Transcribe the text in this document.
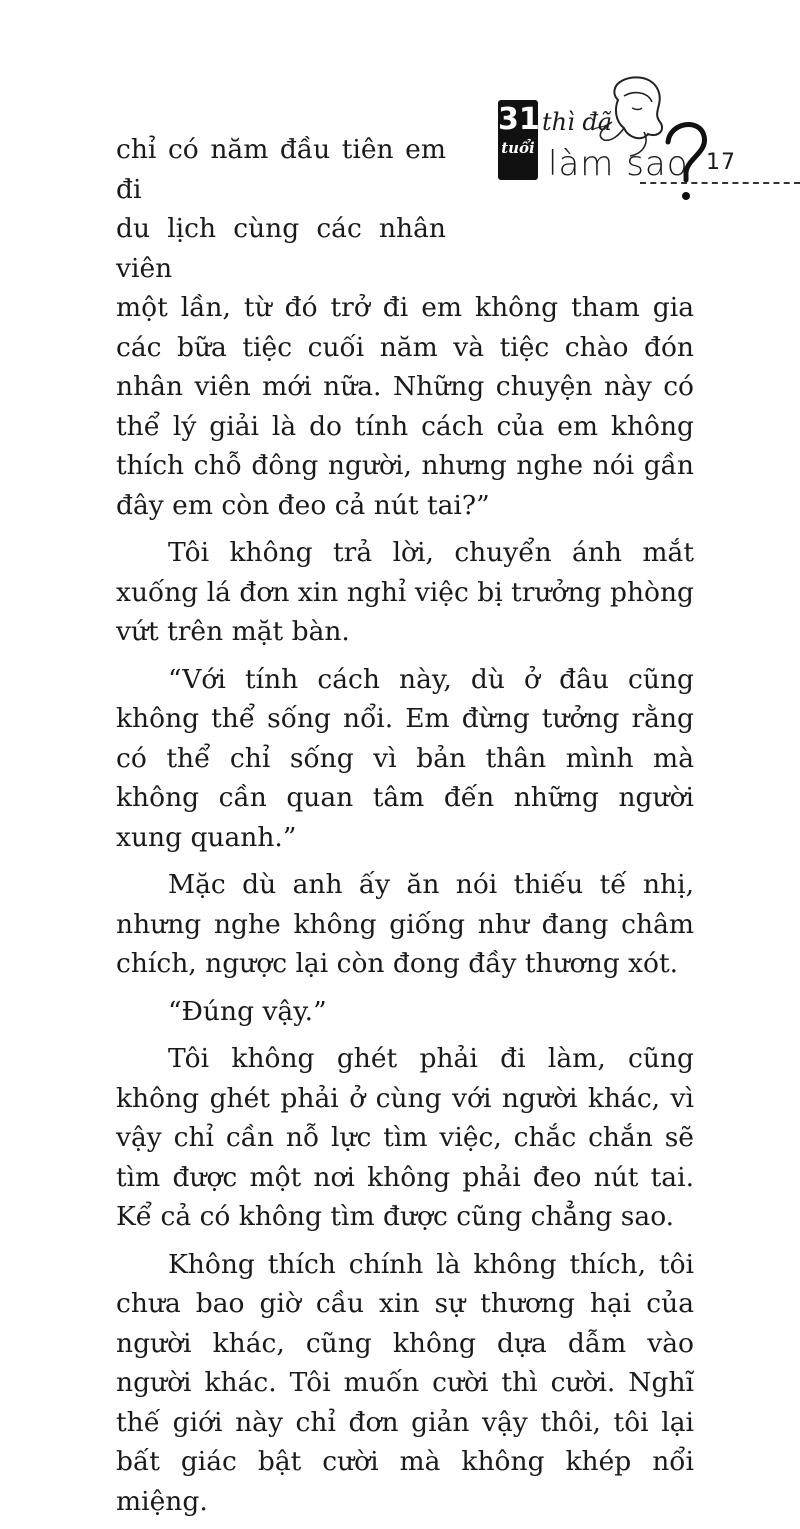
31
tuổi
thì đã
làm sao 17

chỉ có năm đầu tiên em đi
du lịch cùng các nhân viên
một lần, từ đó trở đi em không tham gia các bữa tiệc cuối năm và tiệc chào đón nhân viên mới nữa. Những chuyện này có thể lý giải là do tính cách của em không thích chỗ đông người, nhưng nghe nói gần đây em còn đeo cả nút tai?”

Tôi không trả lời, chuyển ánh mắt xuống lá đơn xin nghỉ việc bị trưởng phòng vứt trên mặt bàn.

“Với tính cách này, dù ở đâu cũng không thể sống nổi. Em đừng tưởng rằng có thể chỉ sống vì bản thân mình mà không cần quan tâm đến những người xung quanh.”

Mặc dù anh ấy ăn nói thiếu tế nhị, nhưng nghe không giống như đang châm chích, ngược lại còn đong đầy thương xót.

“Đúng vậy.”

Tôi không ghét phải đi làm, cũng không ghét phải ở cùng với người khác, vì vậy chỉ cần nỗ lực tìm việc, chắc chắn sẽ tìm được một nơi không phải đeo nút tai. Kể cả có không tìm được cũng chẳng sao.

Không thích chính là không thích, tôi chưa bao giờ cầu xin sự thương hại của người khác, cũng không dựa dẫm vào người khác. Tôi muốn cười thì cười. Nghĩ thế giới này chỉ đơn giản vậy thôi, tôi lại bất giác bật cười mà không khép nổi miệng.
